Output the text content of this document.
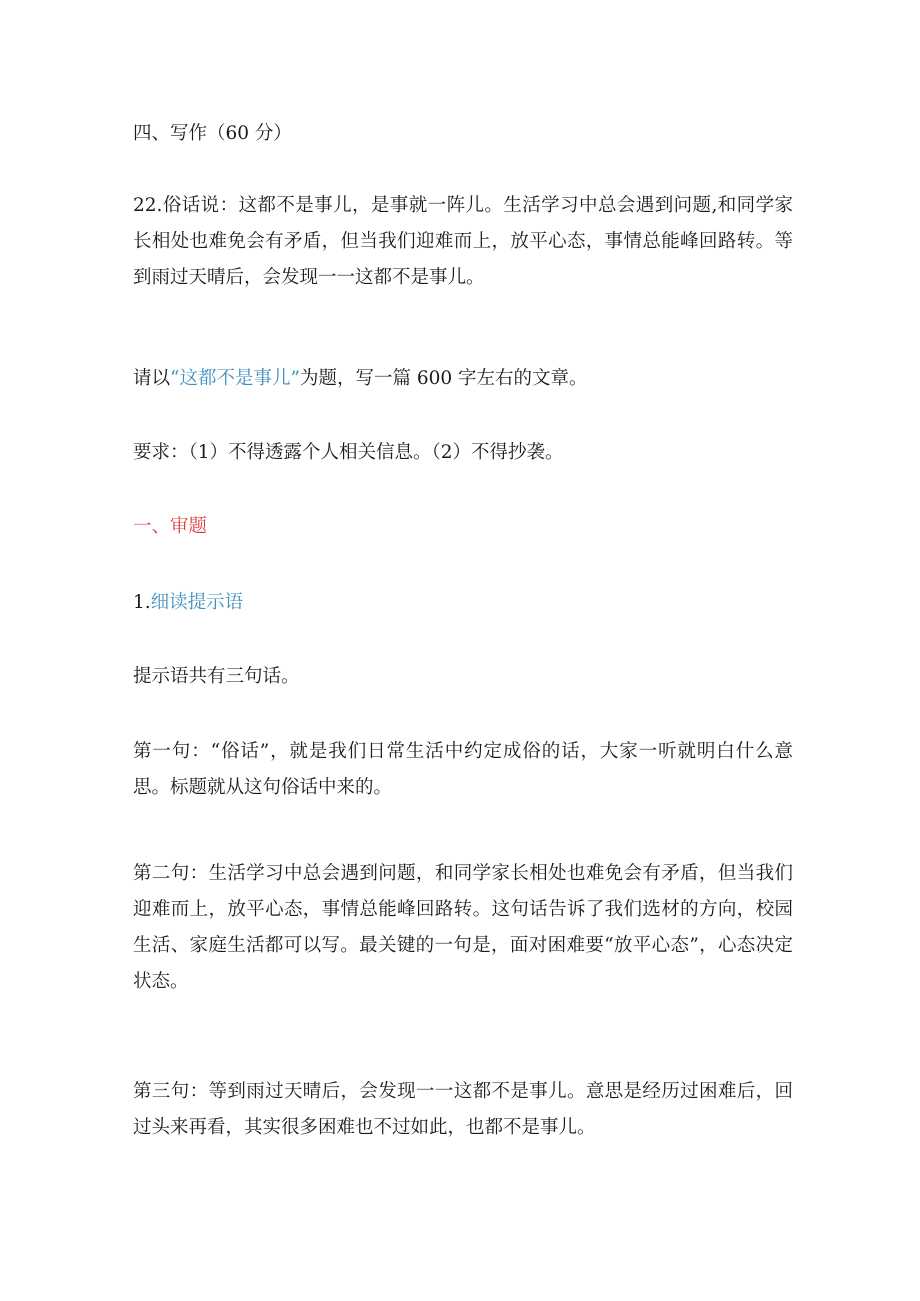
四、写作（60 分）

22.俗话说：这都不是事儿，是事就一阵儿。生活学习中总会遇到问题,和同学家长相处也难免会有矛盾，但当我们迎难而上，放平心态，事情总能峰回路转。等到雨过天晴后，会发现一一这都不是事儿。

请以“这都不是事儿”为题，写一篇 600 字左右的文章。

要求：（1）不得透露个人相关信息。（2）不得抄袭。

一、审题

1.细读提示语

提示语共有三句话。

第一句：“俗话”，就是我们日常生活中约定成俗的话，大家一听就明白什么意思。标题就从这句俗话中来的。

第二句：生活学习中总会遇到问题，和同学家长相处也难免会有矛盾，但当我们迎难而上，放平心态，事情总能峰回路转。这句话告诉了我们选材的方向，校园生活、家庭生活都可以写。最关键的一句是，面对困难要“放平心态”，心态决定状态。

第三句：等到雨过天晴后，会发现一一这都不是事儿。意思是经历过困难后，回过头来再看，其实很多困难也不过如此，也都不是事儿。
